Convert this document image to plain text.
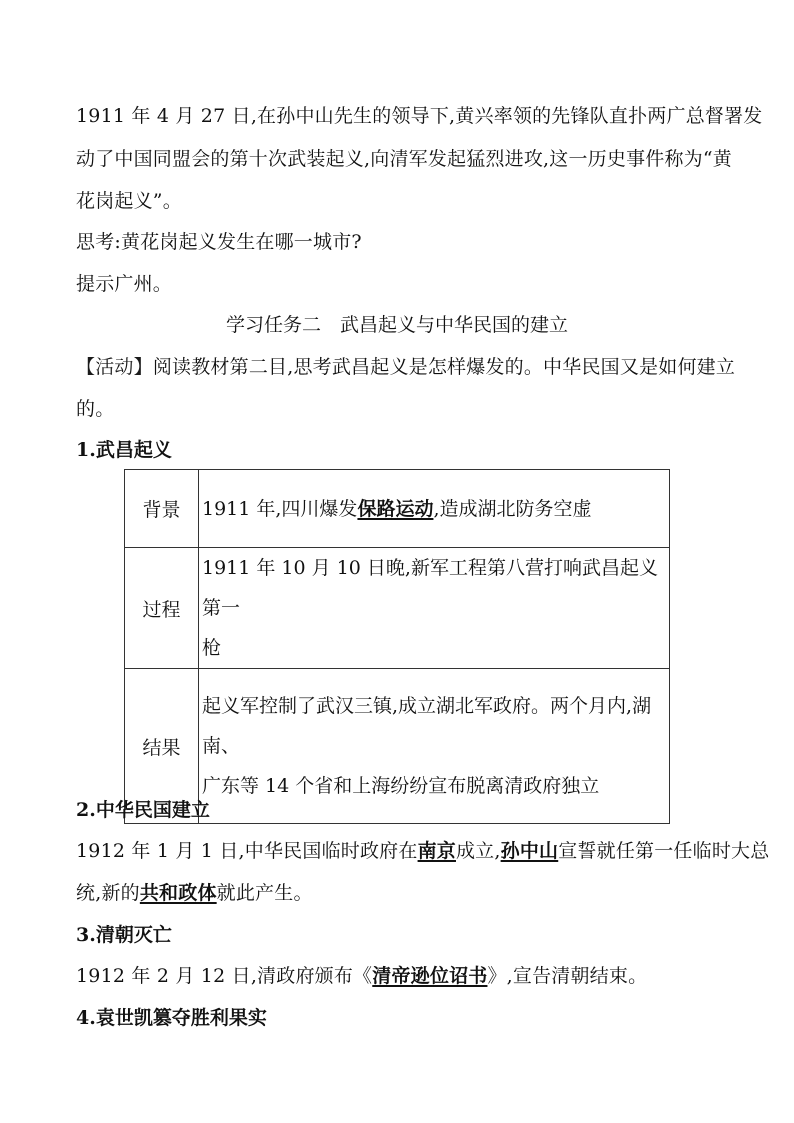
1911 年 4 月 27 日,在孙中山先生的领导下,黄兴率领的先锋队直扑两广总督署发
动了中国同盟会的第十次武装起义,向清军发起猛烈进攻,这一历史事件称为“黄
花岗起义”。
思考:黄花岗起义发生在哪一城市?
提示广州。
学习任务二　武昌起义与中华民国的建立
【活动】阅读教材第二目,思考武昌起义是怎样爆发的。中华民国又是如何建立
的。
1.武昌起义
背景	1911 年,四川爆发保路运动,造成湖北防务空虚
过程	1911 年 10 月 10 日晚,新军工程第八营打响武昌起义第一
枪

结果	起义军控制了武汉三镇,成立湖北军政府。两个月内,湖南、
广东等 14 个省和上海纷纷宣布脱离清政府独立
2.中华民国建立
1912 年 1 月 1 日,中华民国临时政府在南京成立,孙中山宣誓就任第一任临时大总
统,新的共和政体就此产生。
3.清朝灭亡
1912 年 2 月 12 日,清政府颁布《清帝逊位诏书》,宣告清朝结束。
4.袁世凯篡夺胜利果实
